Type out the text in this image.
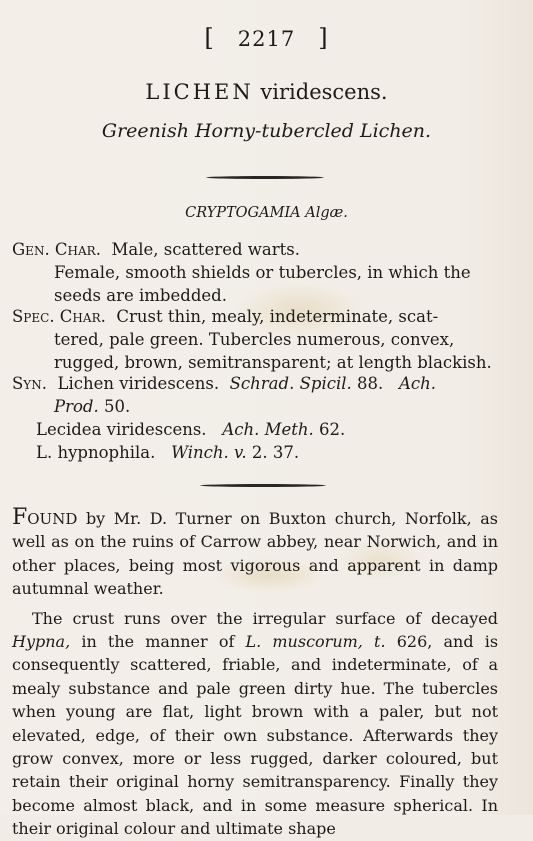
[ 2217 ]
LICHEN viridescens.
Greenish Horny-tubercled Lichen.
CRYPTOGAMIA Algæ.
Gen. Char. Male, scattered warts.
Female, smooth shields or tubercles, in which the
seeds are imbedded.
Spec. Char. Crust thin, mealy, indeterminate, scat-
tered, pale green. Tubercles numerous, convex,
rugged, brown, semitransparent; at length blackish.
Syn. Lichen viridescens. Schrad. Spicil. 88. Ach.
Prod. 50.
Lecidea viridescens. Ach. Meth. 62.
L. hypnophila. Winch. v. 2. 37.
Found by Mr. D. Turner on Buxton church, Norfolk, as well as on the ruins of Carrow abbey, near Norwich, and in other places, being most vigorous and apparent in damp autumnal weather.
The crust runs over the irregular surface of decayed Hypna, in the manner of L. muscorum, t. 626, and is consequently scattered, friable, and indeterminate, of a mealy substance and pale green dirty hue. The tubercles when young are flat, light brown with a paler, but not elevated, edge, of their own substance. Afterwards they grow convex, more or less rugged, darker coloured, but retain their original horny semitransparency. Finally they become almost black, and in some measure spherical. In their original colour and ultimate shape
